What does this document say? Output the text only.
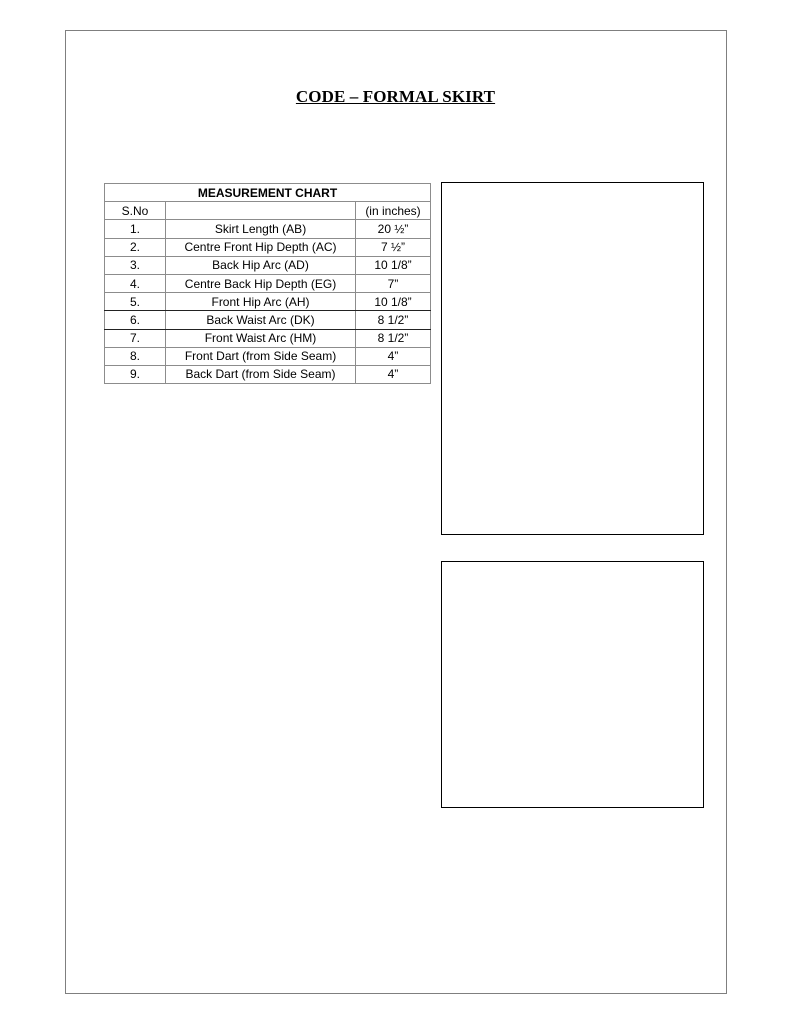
CODE – FORMAL SKIRT
MEASUREMENT CHART		
S.No		(in inches)
1.	Skirt Length (AB)	20 ½”
2.	Centre Front Hip Depth (AC)	7 ½”
3.	Back Hip Arc (AD)	10 1/8”
4.	Centre Back Hip Depth (EG)	7”
5.	Front Hip Arc (AH)	10 1/8”
6.	Back Waist Arc (DK)	8 1/2”
7.	Front Waist Arc (HM)	8 1/2”
8.	Front Dart (from Side Seam)	4”
9.	Back Dart (from Side Seam)	4”
